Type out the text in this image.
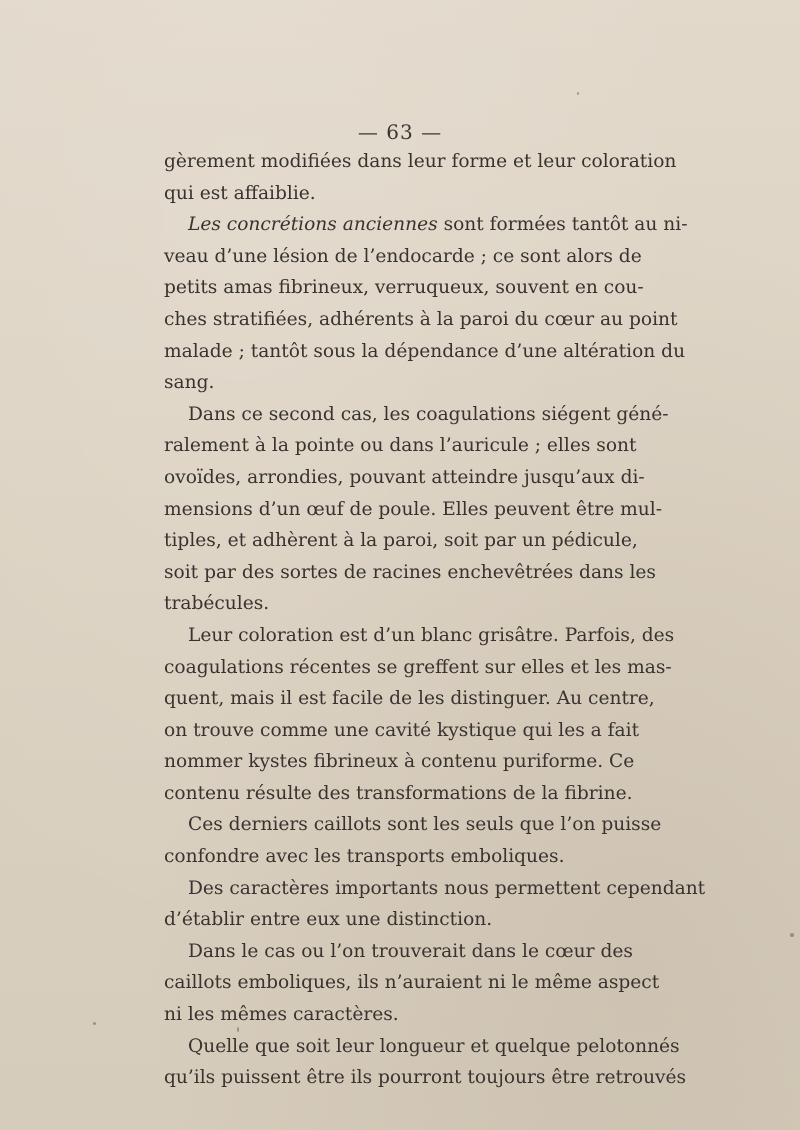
— 63 —
gèrement modifiées dans leur forme et leur coloration
qui est affaiblie.
Les concrétions anciennes sont formées tantôt au ni-
veau d’une lésion de l’endocarde ; ce sont alors de
petits amas fibrineux, verruqueux, souvent en cou-
ches stratifiées, adhérents à la paroi du cœur au point
malade ; tantôt sous la dépendance d’une altération du
sang.
Dans ce second cas, les coagulations siégent géné-
ralement à la pointe ou dans l’auricule ; elles sont
ovoïdes, arrondies, pouvant atteindre jusqu’aux di-
mensions d’un œuf de poule. Elles peuvent être mul-
tiples, et adhèrent à la paroi, soit par un pédicule,
soit par des sortes de racines enchevêtrées dans les
trabécules.
Leur coloration est d’un blanc grisâtre. Parfois, des
coagulations récentes se greffent sur elles et les mas-
quent, mais il est facile de les distinguer. Au centre,
on trouve comme une cavité kystique qui les a fait
nommer kystes fibrineux à contenu puriforme. Ce
contenu résulte des transformations de la fibrine.
Ces derniers caillots sont les seuls que l’on puisse
confondre avec les transports emboliques.
Des caractères importants nous permettent cependant
d’établir entre eux une distinction.
Dans le cas ou l’on trouverait dans le cœur des
caillots emboliques, ils n’auraient ni le même aspect
ni les mêmes caractères.
Quelle que soit leur longueur et quelque pelotonnés
qu’ils puissent être ils pourront toujours être retrouvés
